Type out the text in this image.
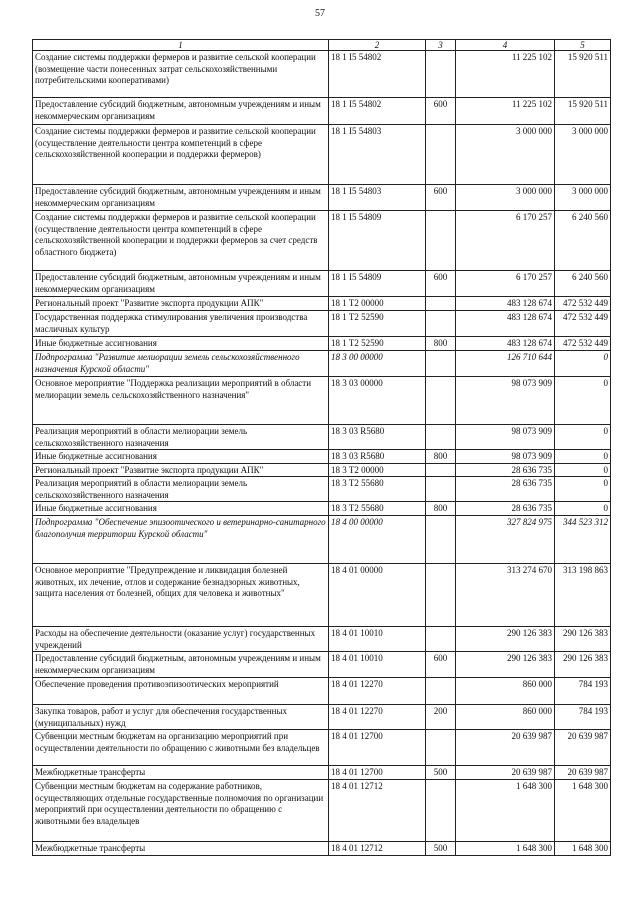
57
1	2	3	4	5
Создание системы поддержки фермеров и развитие сельской кооперации (возмещение части понесенных затрат сельскохозяйственными потребительскими кооперативами)	18 1 I5 54802		11 225 102	15 920 511
Предоставление субсидий бюджетным, автономным учреждениям и иным некоммерческим организациям	18 1 I5 54802	600	11 225 102	15 920 511
Создание системы поддержки фермеров и развитие сельской кооперации (осуществление деятельности центра компетенций в сфере сельскохозяйственной кооперации и поддержки фермеров)	18 1 I5 54803		3 000 000	3 000 000
Предоставление субсидий бюджетным, автономным учреждениям и иным некоммерческим организациям	18 1 I5 54803	600	3 000 000	3 000 000
Создание системы поддержки фермеров и развитие сельской кооперации (осуществление деятельности центра компетенций в сфере сельскохозяйственной кооперации и поддержки фермеров за счет средств областного бюджета)	18 1 I5 54809		6 170 257	6 240 560
Предоставление субсидий бюджетным, автономным учреждениям и иным некоммерческим организациям	18 1 I5 54809	600	6 170 257	6 240 560
Региональный проект "Развитие экспорта продукции АПК"	18 1 T2 00000		483 128 674	472 532 449
Государственная поддержка стимулирования увеличения производства масличных культур	18 1 T2 52590		483 128 674	472 532 449
Иные бюджетные ассигнования	18 1 T2 52590	800	483 128 674	472 532 449
Подпрограмма "Развитие мелиорации земель сельскохозяйственного назначения Курской области"	18 3 00 00000		126 710 644	0
Основное мероприятие "Поддержка реализации мероприятий в области мелиорации земель сельскохозяйственного назначения"	18 3 03 00000		98 073 909	0
Реализация мероприятий в области мелиорации земель сельскохозяйственного назначения	18 3 03 R5680		98 073 909	0
Иные бюджетные ассигнования	18 3 03 R5680	800	98 073 909	0
Региональный проект "Развитие экспорта продукции АПК"	18 3 T2 00000		28 636 735	0
Реализация мероприятий в области мелиорации земель сельскохозяйственного назначения	18 3 T2 55680		28 636 735	0
Иные бюджетные ассигнования	18 3 T2 55680	800	28 636 735	0
Подпрограмма "Обеспечение эпизоотического и ветеринарно-санитарного благополучия территории Курской области"	18 4 00 00000		327 824 975	344 523 312
Основное мероприятие "Предупреждение и ликвидация болезней животных, их лечение, отлов и содержание безнадзорных животных, защита населения от болезней, общих для человека и животных"	18 4 01 00000		313 274 670	313 198 863
Расходы на обеспечение деятельности (оказание услуг) государственных учреждений	18 4 01 10010		290 126 383	290 126 383
Предоставление субсидий бюджетным, автономным учреждениям и иным некоммерческим организациям	18 4 01 10010	600	290 126 383	290 126 383
Обеспечение проведения противоэпизоотических мероприятий	18 4 01 12270		860 000	784 193
Закупка товаров, работ и услуг для обеспечения государственных (муниципальных) нужд	18 4 01 12270	200	860 000	784 193
Субвенции местным бюджетам на организацию мероприятий при осуществлении деятельности по обращению с животными без владельцев	18 4 01 12700		20 639 987	20 639 987
Межбюджетные трансферты	18 4 01 12700	500	20 639 987	20 639 987
Субвенции местным бюджетам на содержание работников, осуществляющих отдельные государственные полномочия по организации мероприятий при осуществлении деятельности по обращению с животными без владельцев	18 4 01 12712		1 648 300	1 648 300
Межбюджетные трансферты	18 4 01 12712	500	1 648 300	1 648 300
